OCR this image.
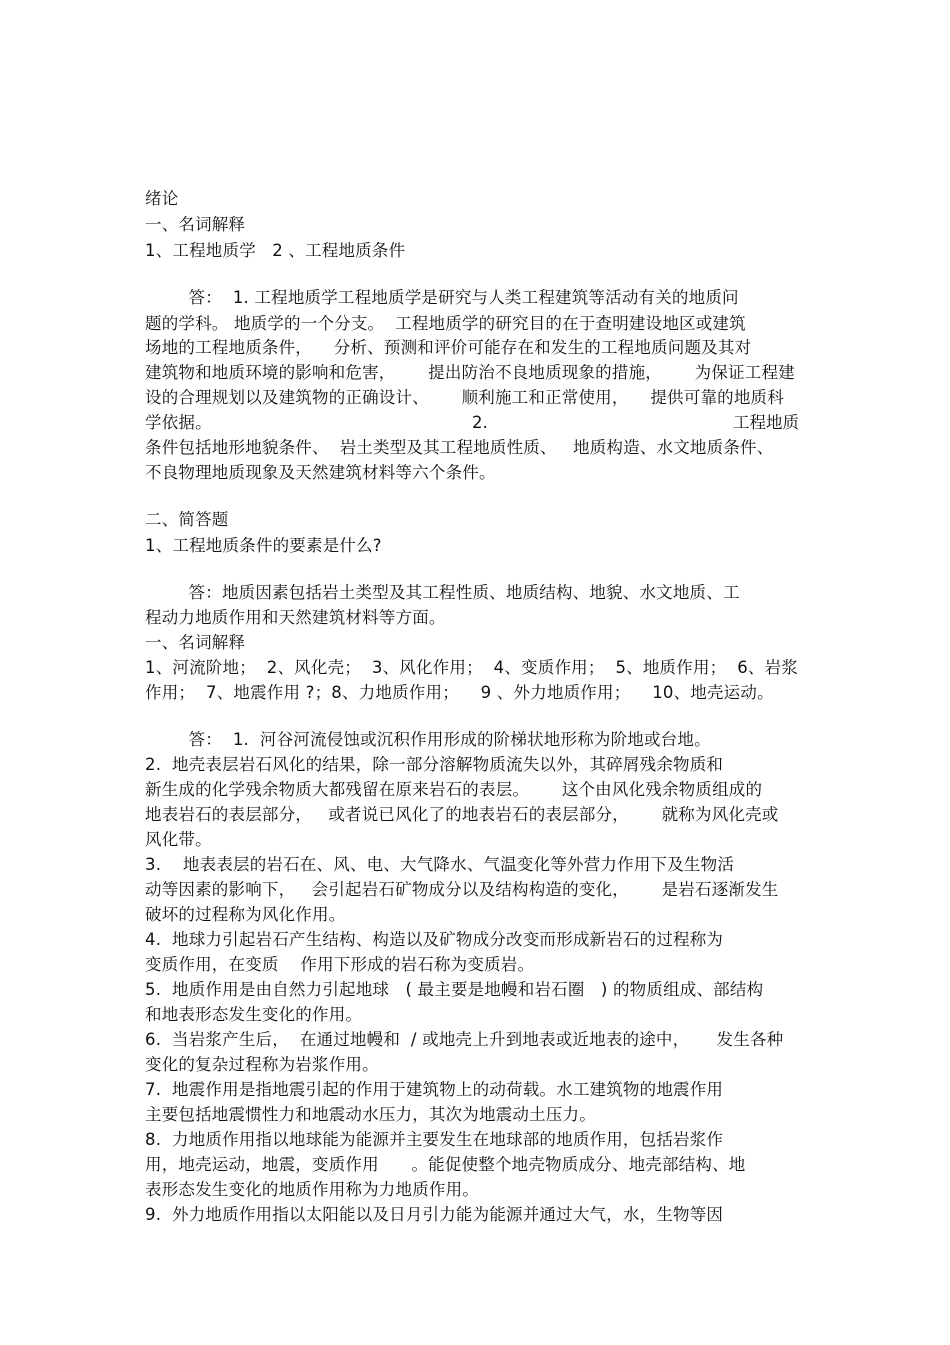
绪论
一、名词解释
1、工程地质学   2 、工程地质条件
答：  1. 工程地质学工程地质学是研究与人类工程建筑等活动有关的地质问
题的学科。 地质学的一个分支。  工程地质学的研究目的在于查明建设地区或建筑
场地的工程地质条件，    分析、预测和评价可能存在和发生的工程地质问题及其对
建筑物和地质环境的影响和危害，      提出防治不良地质现象的措施，      为保证工程建
设的合理规划以及建筑物的正确设计、      顺利施工和正常使用，    提供可靠的地质科
学依据。	2.	工程地质
条件包括地形地貌条件、  岩土类型及其工程地质性质、   地质构造、水文地质条件、
不良物理地质现象及天然建筑材料等六个条件。
二、简答题
1、工程地质条件的要素是什么?
答：地质因素包括岩土类型及其工程性质、地质结构、地貌、水文地质、工
程动力地质作用和天然建筑材料等方面。
一、名词解释
1、河流阶地；  2、风化壳；  3、风化作用；  4、变质作用；  5、地质作用；  6、岩浆
作用；  7、地震作用 ?；8、力地质作用；    9 、外力地质作用；    10、地壳运动。
答：  1.  河谷河流侵蚀或沉积作用形成的阶梯状地形称为阶地或台地。
2.  地壳表层岩石风化的结果，除一部分溶解物质流失以外，其碎屑残余物质和
新生成的化学残余物质大都残留在原来岩石的表层。      这个由风化残余物质组成的
地表岩石的表层部分，   或者说已风化了的地表岩石的表层部分，      就称为风化壳或
风化带。
3.    地表表层的岩石在、风、电、大气降水、气温变化等外营力作用下及生物活
动等因素的影响下，   会引起岩石矿物成分以及结构构造的变化，      是岩石逐渐发生
破坏的过程称为风化作用。
4.  地球力引起岩石产生结构、构造以及矿物成分改变而形成新岩石的过程称为
变质作用，在变质    作用下形成的岩石称为变质岩。
5.  地质作用是由自然力引起地球   ( 最主要是地幔和岩石圈   ) 的物质组成、部结构
和地表形态发生变化的作用。
6.  当岩浆产生后，  在通过地幔和  / 或地壳上升到地表或近地表的途中，     发生各种
变化的复杂过程称为岩浆作用。
7.  地震作用是指地震引起的作用于建筑物上的动荷载。水工建筑物的地震作用
主要包括地震惯性力和地震动水压力，其次为地震动土压力。
8.  力地质作用指以地球能为能源并主要发生在地球部的地质作用，包括岩浆作
用，地壳运动，地震，变质作用      。能促使整个地壳物质成分、地壳部结构、地
表形态发生变化的地质作用称为力地质作用。
9.  外力地质作用指以太阳能以及日月引力能为能源并通过大气，水，生物等因
